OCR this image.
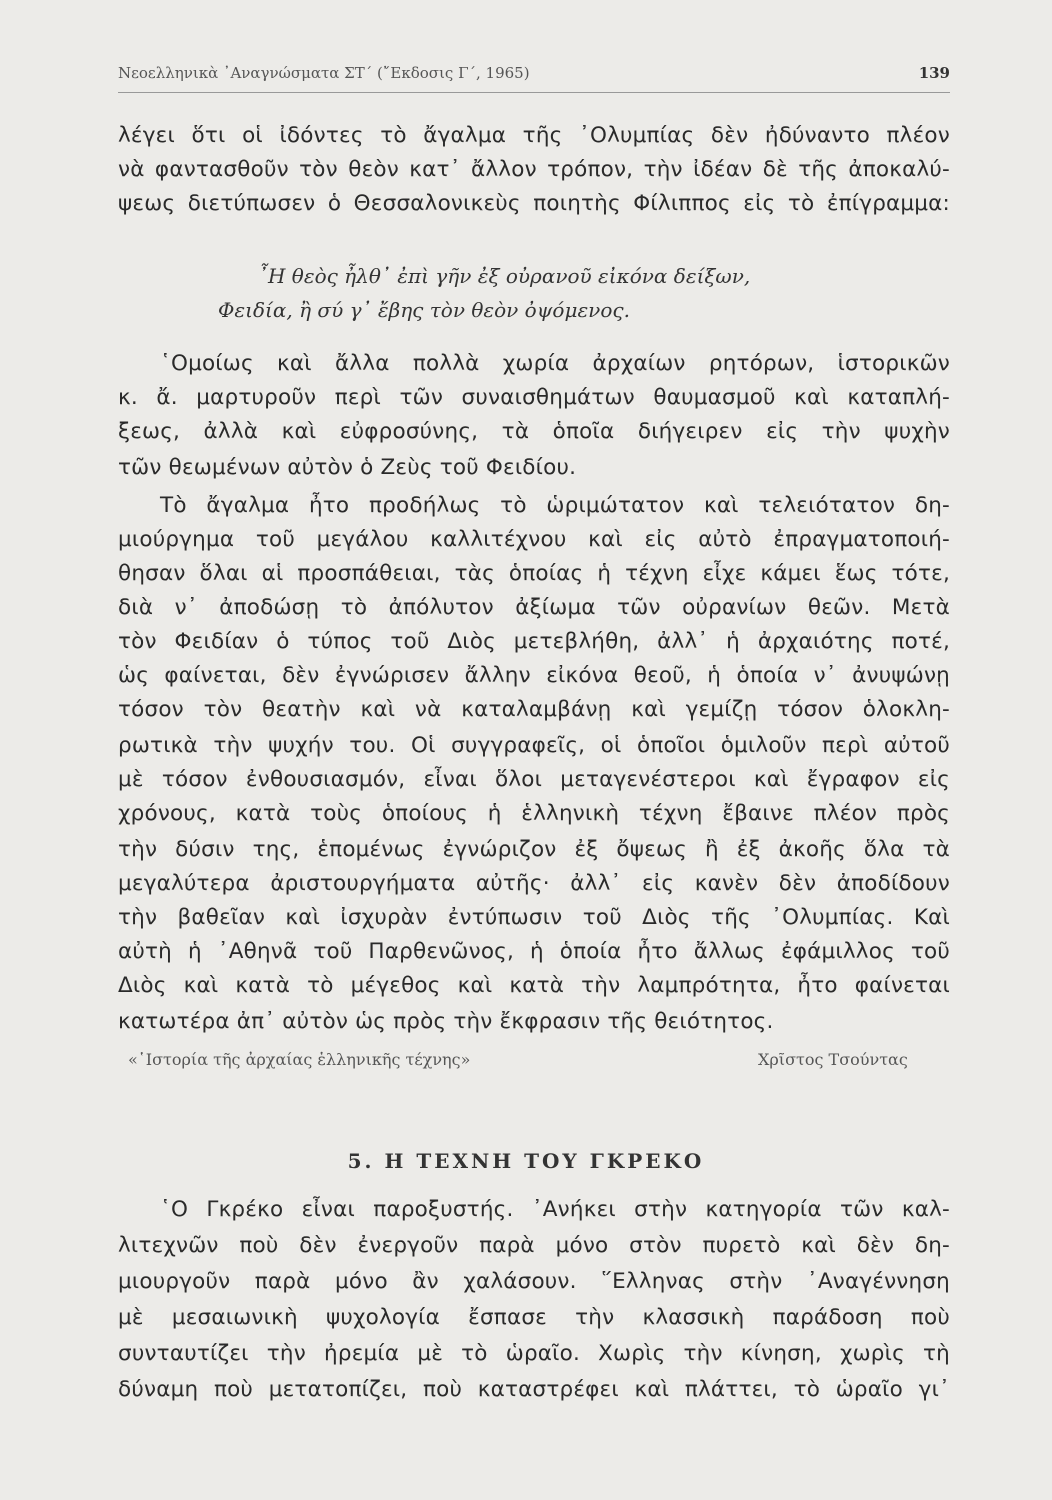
Νεοελληνικὰ ᾿Αναγνώσματα ΣΤ΄ (῎Εκδοσις Γ΄, 1965)	139
λέγει ὅτι οἱ ἰδόντες τὸ ἄγαλμα τῆς ᾿Ολυμπίας δὲν ἠδύναντο πλέον
νὰ φαντασθοῦν τὸν θεὸν κατ᾿ ἄλλον τρόπον, τὴν ἰδέαν δὲ τῆς ἀποκαλύ-
ψεως διετύπωσεν ὁ Θεσσαλονικεὺς ποιητὴς Φίλιππος εἰς τὸ ἐπίγραμμα:
῏Η θεὸς ἦλθ᾿ ἐπὶ γῆν ἐξ οὐρανοῦ εἰκόνα δείξων,
Φειδία, ἢ σύ γ᾿ ἔβης τὸν θεὸν ὀψόμενος.
῾Ομοίως καὶ ἄλλα πολλὰ χωρία ἀρχαίων ρητόρων, ἱστορικῶν
κ. ἄ. μαρτυροῦν περὶ τῶν συναισθημάτων θαυμασμοῦ καὶ καταπλή-
ξεως, ἀλλὰ καὶ εὐφροσύνης, τὰ ὁποῖα διήγειρεν εἰς τὴν ψυχὴν
τῶν θεωμένων αὐτὸν ὁ Ζεὺς τοῦ Φειδίου.
Τὸ ἄγαλμα ἦτο προδήλως τὸ ὡριμώτατον καὶ τελειότατον δη-
μιούργημα τοῦ μεγάλου καλλιτέχνου καὶ εἰς αὐτὸ ἐπραγματοποιή-
θησαν ὅλαι αἱ προσπάθειαι, τὰς ὁποίας ἡ τέχνη εἶχε κάμει ἕως τότε,
διὰ ν᾿ ἀποδώσῃ τὸ ἀπόλυτον ἀξίωμα τῶν οὐρανίων θεῶν. Μετὰ
τὸν Φειδίαν ὁ τύπος τοῦ Διὸς μετεβλήθη, ἀλλ᾿ ἡ ἀρχαιότης ποτέ,
ὡς φαίνεται, δὲν ἐγνώρισεν ἄλλην εἰκόνα θεοῦ, ἡ ὁποία ν᾿ ἀνυψώνῃ
τόσον τὸν θεατὴν καὶ νὰ καταλαμβάνῃ καὶ γεμίζῃ τόσον ὁλοκλη-
ρωτικὰ τὴν ψυχήν του. Οἱ συγγραφεῖς, οἱ ὁποῖοι ὁμιλοῦν περὶ αὐτοῦ
μὲ τόσον ἐνθουσιασμόν, εἶναι ὅλοι μεταγενέστεροι καὶ ἔγραφον εἰς
χρόνους, κατὰ τοὺς ὁποίους ἡ ἑλληνικὴ τέχνη ἔβαινε πλέον πρὸς
τὴν δύσιν της, ἑπομένως ἐγνώριζον ἐξ ὄψεως ἢ ἐξ ἀκοῆς ὅλα τὰ
μεγαλύτερα ἀριστουργήματα αὐτῆς· ἀλλ᾿ εἰς κανὲν δὲν ἀποδίδουν
τὴν βαθεῖαν καὶ ἰσχυρὰν ἐντύπωσιν τοῦ Διὸς τῆς ᾿Ολυμπίας. Καὶ
αὐτὴ ἡ ᾿Αθηνᾶ τοῦ Παρθενῶνος, ἡ ὁποία ἦτο ἄλλως ἐφάμιλλος τοῦ
Διὸς καὶ κατὰ τὸ μέγεθος καὶ κατὰ τὴν λαμπρότητα, ἦτο φαίνεται
κατωτέρα ἀπ᾿ αὐτὸν ὡς πρὸς τὴν ἔκφρασιν τῆς θειότητος.
«῾Ιστορία τῆς ἀρχαίας ἑλληνικῆς τέχνης»	Χρῖστος Τσούντας
5. Η ΤΕΧΝΗ ΤΟΥ ΓΚΡΕΚΟ
῾Ο Γκρέκο εἶναι παροξυστής. ᾿Ανήκει στὴν κατηγορία τῶν καλ-
λιτεχνῶν ποὺ δὲν ἐνεργοῦν παρὰ μόνο στὸν πυρετὸ καὶ δὲν δη-
μιουργοῦν παρὰ μόνο ἂν χαλάσουν. ῞Ελληνας στὴν ᾿Αναγέννηση
μὲ μεσαιωνικὴ ψυχολογία ἔσπασε τὴν κλασσικὴ παράδοση ποὺ
συνταυτίζει τὴν ἠρεμία μὲ τὸ ὡραῖο. Χωρὶς τὴν κίνηση, χωρὶς τὴ
δύναμη ποὺ μετατοπίζει, ποὺ καταστρέφει καὶ πλάττει, τὸ ὡραῖο γι᾿
